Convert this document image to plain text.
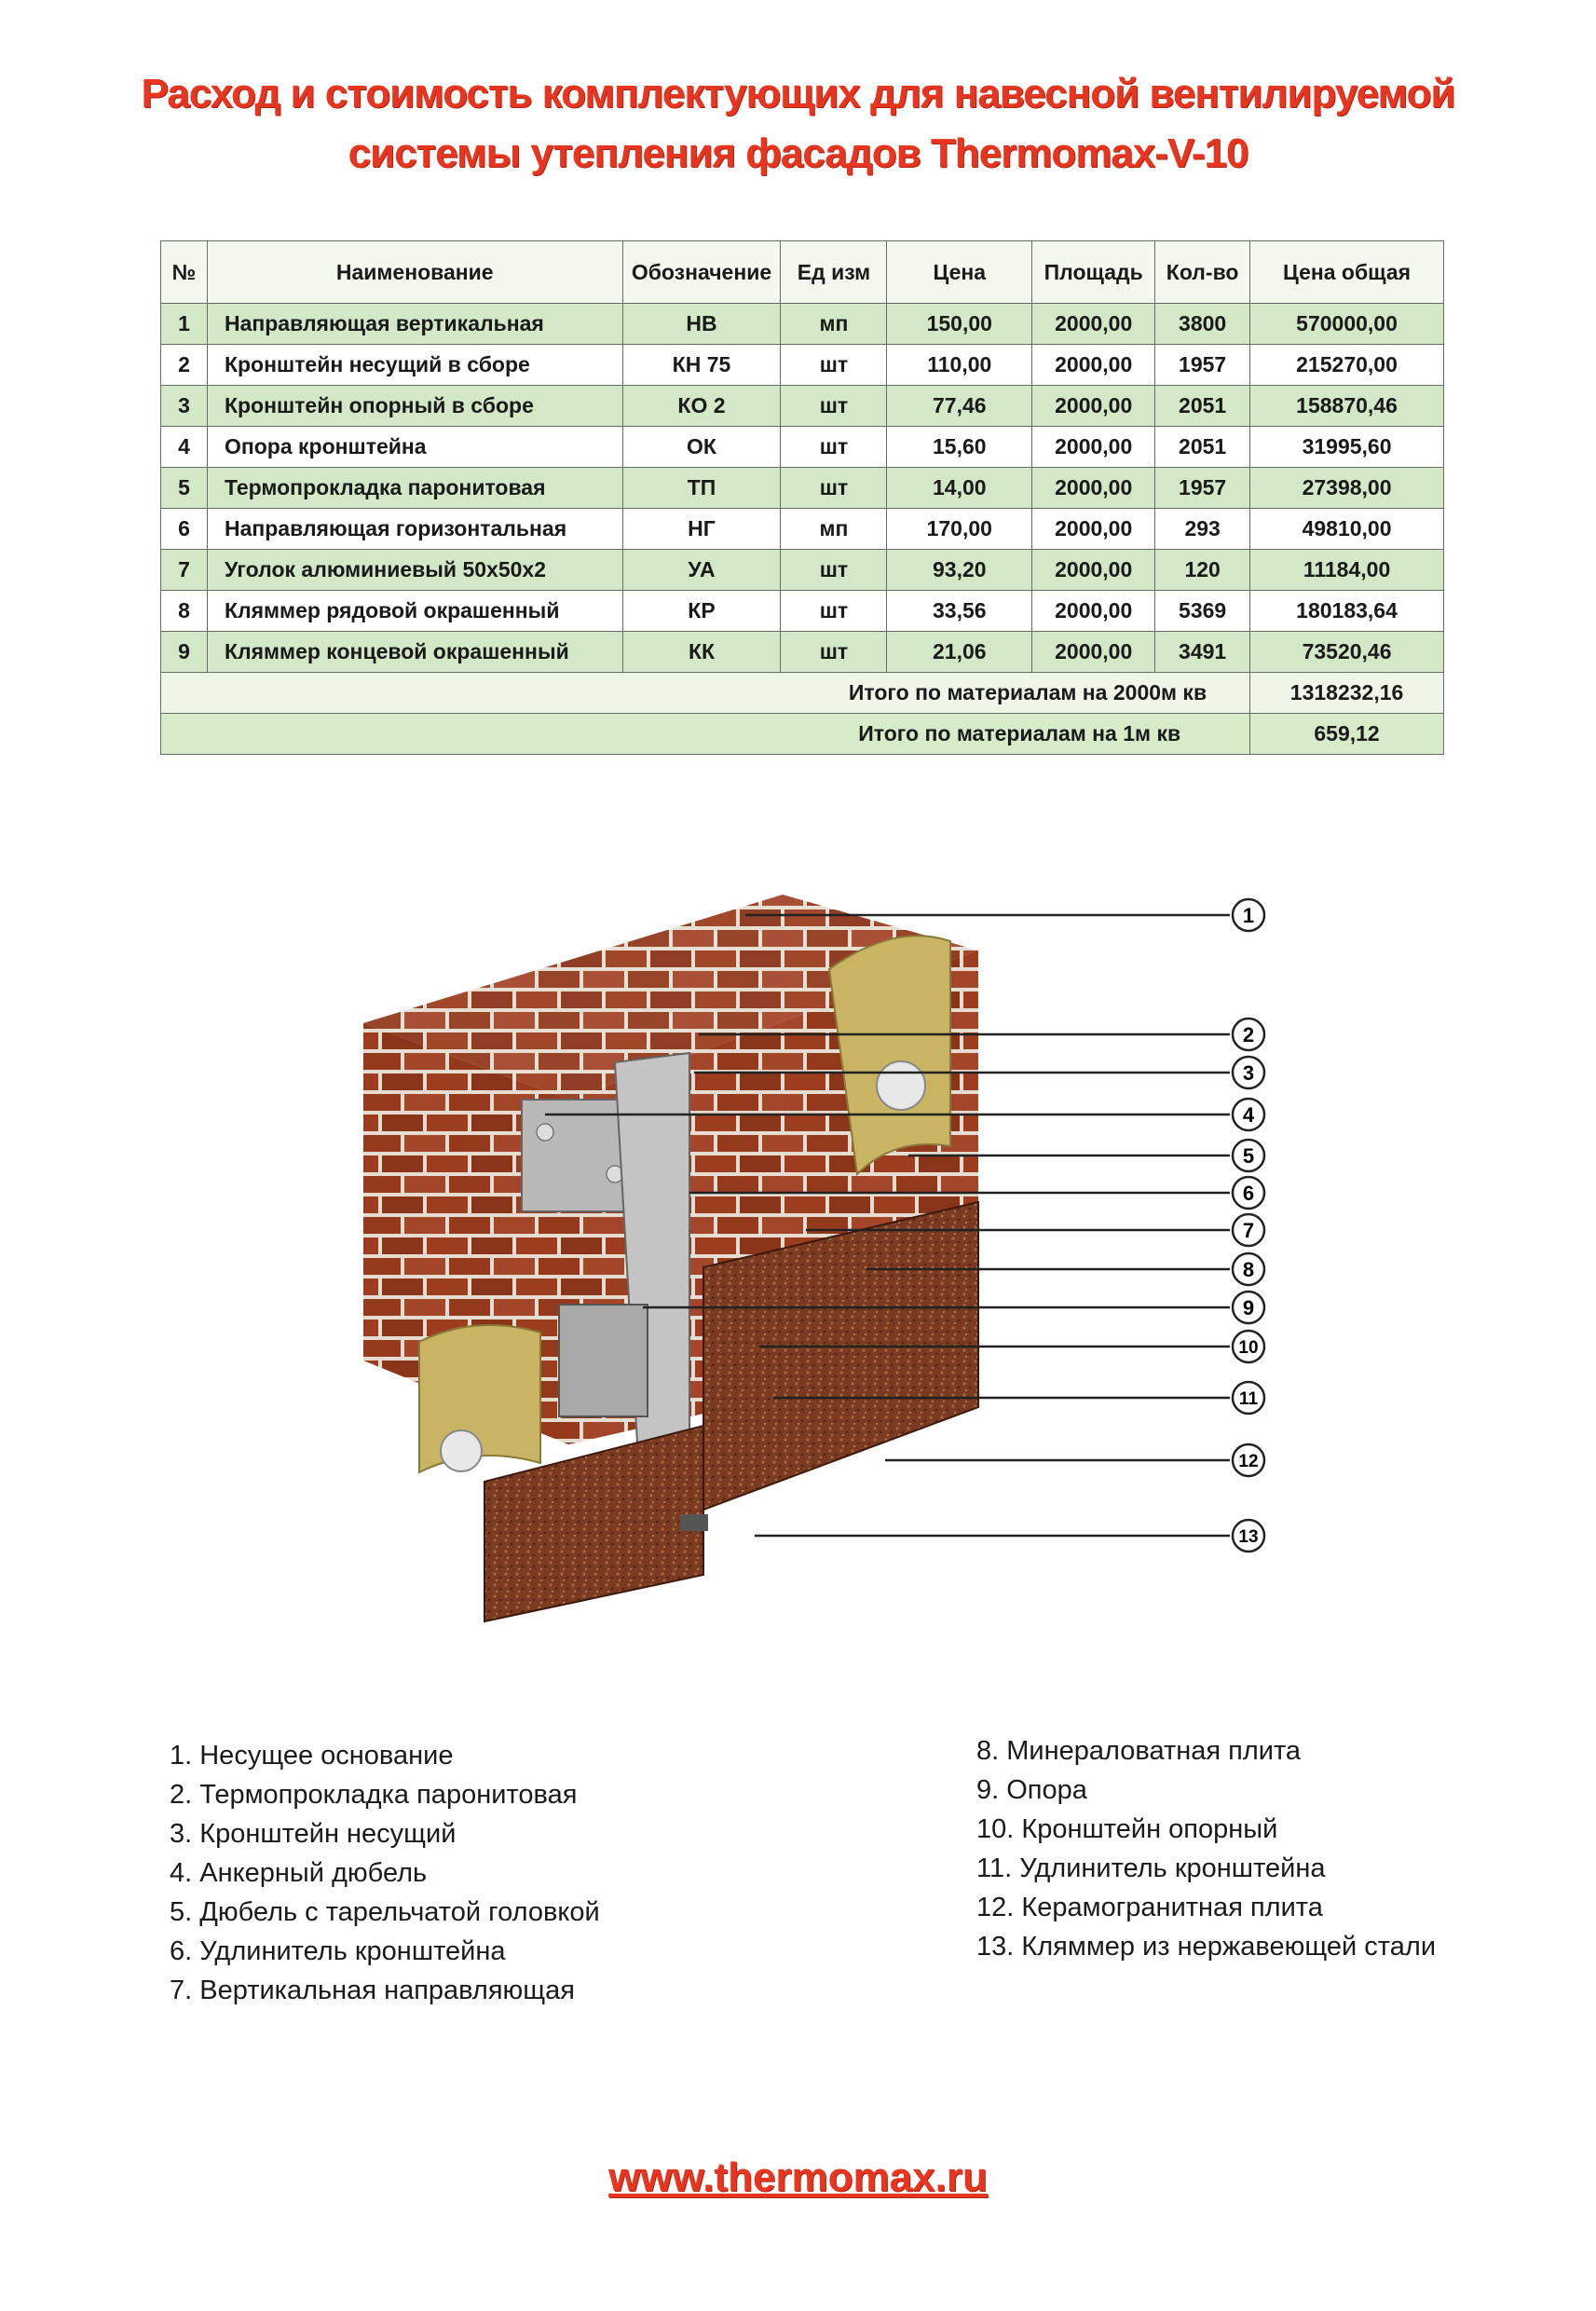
Расход и стоимость комплектующих для навесной вентилируемой
системы утепления фасадов Thermomax-V-10
№	Наименование	Обозначение	Ед изм	Цена	Площадь	Кол-во	Цена общая
1	Направляющая вертикальная	НВ	мп	150,00	2000,00	3800	570000,00
2	Кронштейн несущий в сборе	КН 75	шт	110,00	2000,00	1957	215270,00
3	Кронштейн опорный в сборе	КО 2	шт	77,46	2000,00	2051	158870,46
4	Опора кронштейна	ОК	шт	15,60	2000,00	2051	31995,60
5	Термопрокладка паронитовая	ТП	шт	14,00	2000,00	1957	27398,00
6	Направляющая горизонтальная	НГ	мп	170,00	2000,00	293	49810,00
7	Уголок алюминиевый 50x50x2	УА	шт	93,20	2000,00	120	11184,00
8	Кляммер рядовой окрашенный	КР	шт	33,56	2000,00	5369	180183,64
9	Кляммер концевой окрашенный	КК	шт	21,06	2000,00	3491	73520,46
Итого по материалам на 2000м кв							1318232,16
Итого по материалам на 1м кв							659,12
1
2
3
4
5
6
7
8
9
10
11
12
13
1. Несущее основание
2. Термопрокладка паронитовая
3. Кронштейн несущий
4. Анкерный дюбель
5. Дюбель с тарельчатой головкой
6. Удлинитель кронштейна
7. Вертикальная направляющая
8. Минераловатная плита
9. Опора
10. Кронштейн опорный
11. Удлинитель кронштейна
12. Керамогранитная плита
13. Кляммер из нержавеющей стали
www.thermomax.ru
